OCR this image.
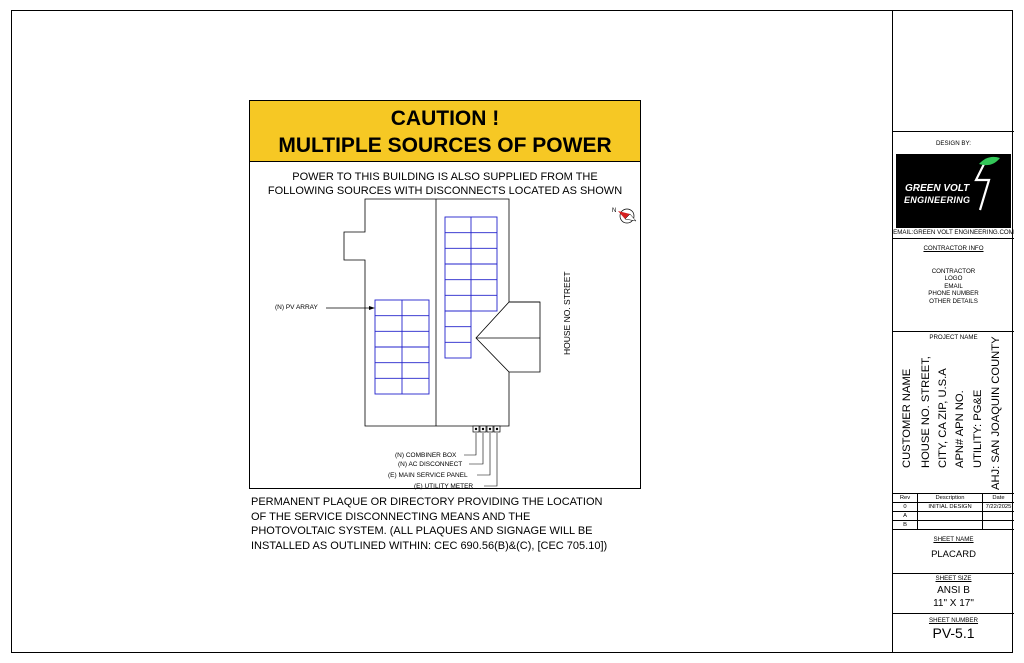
CAUTION !
MULTIPLE SOURCES OF POWER
POWER TO THIS BUILDING IS ALSO SUPPLIED FROM THE
FOLLOWING SOURCES WITH DISCONNECTS LOCATED AS SHOWN
(N) PV ARRAY
N
HOUSE NO. STREET
(N) COMBINER BOX
(N) AC DISCONNECT
(E) MAIN SERVICE PANEL
(E) UTILITY METER
PERMANENT PLAQUE OR DIRECTORY PROVIDING THE LOCATION
OF THE SERVICE DISCONNECTING MEANS AND THE
PHOTOVOLTAIC SYSTEM. (ALL PLAQUES AND SIGNAGE WILL BE
INSTALLED AS OUTLINED WITHIN: CEC 690.56(B)&(C), [CEC 705.10])
DESIGN BY:
GREEN VOLT
ENGINEERING
EMAIL:GREEN VOLT ENGINEERING.COM
CONTRACTOR INFO
CONTRACTOR
LOGO
EMAIL
PHONE NUMBER
OTHER DETAILS
PROJECT NAME
CUSTOMER NAME HOUSE NO. STREET, CITY, CA ZIP, U.S.A APN# APN NO. UTILITY: PG&E AHJ: SAN JOAQUIN COUNTY
Rev	Description	Date
0	INITIAL DESIGN	7/22/2025
A		
B		
SHEET NAME
PLACARD
SHEET SIZE
ANSI B
11" X 17"
SHEET NUMBER
PV-5.1
